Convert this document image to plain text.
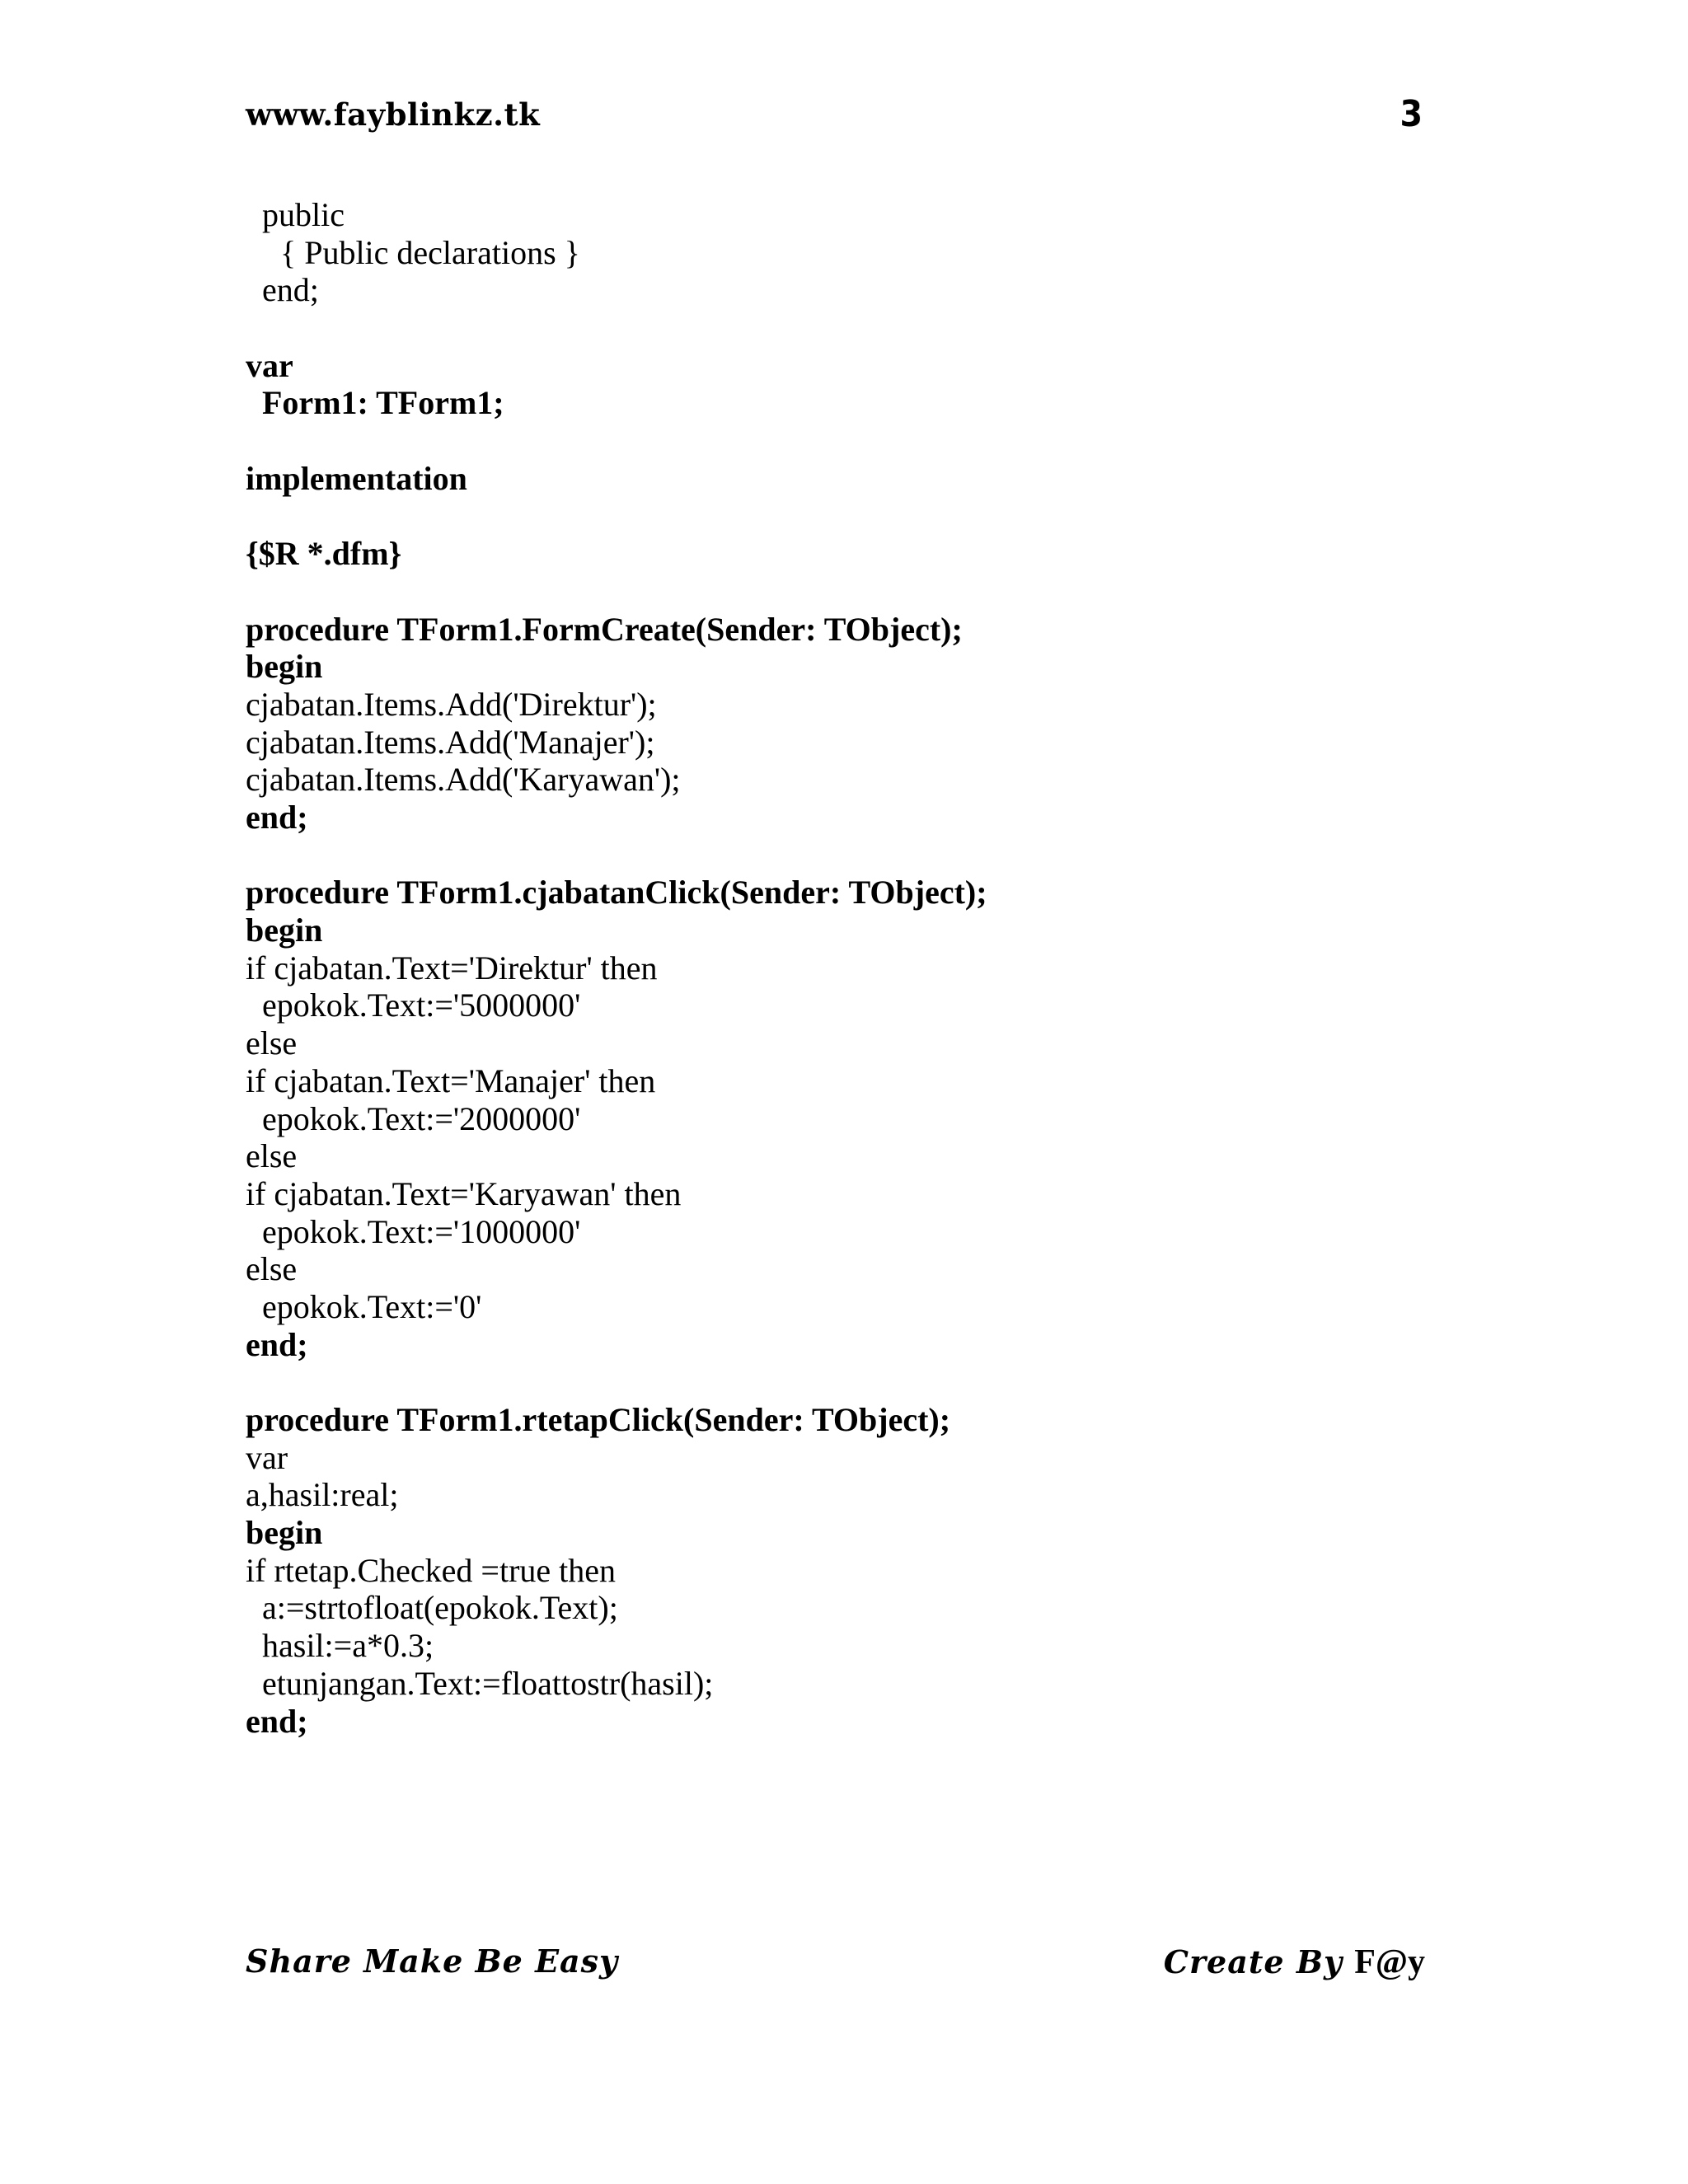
www.fayblinkz.tk	3
public
{ Public declarations }
end;
var
Form1: TForm1;
implementation
{$R *.dfm}
procedure TForm1.FormCreate(Sender: TObject);
begin
cjabatan.Items.Add('Direktur');
cjabatan.Items.Add('Manajer');
cjabatan.Items.Add('Karyawan');
end;
procedure TForm1.cjabatanClick(Sender: TObject);
begin
if cjabatan.Text='Direktur' then
epokok.Text:='5000000'
else
if cjabatan.Text='Manajer' then
epokok.Text:='2000000'
else
if cjabatan.Text='Karyawan' then
epokok.Text:='1000000'
else
epokok.Text:='0'
end;
procedure TForm1.rtetapClick(Sender: TObject);
var
a,hasil:real;
begin
if rtetap.Checked =true then
a:=strtofloat(epokok.Text);
hasil:=a*0.3;
etunjangan.Text:=floattostr(hasil);
end;
Share Make Be Easy	Create By F@y
